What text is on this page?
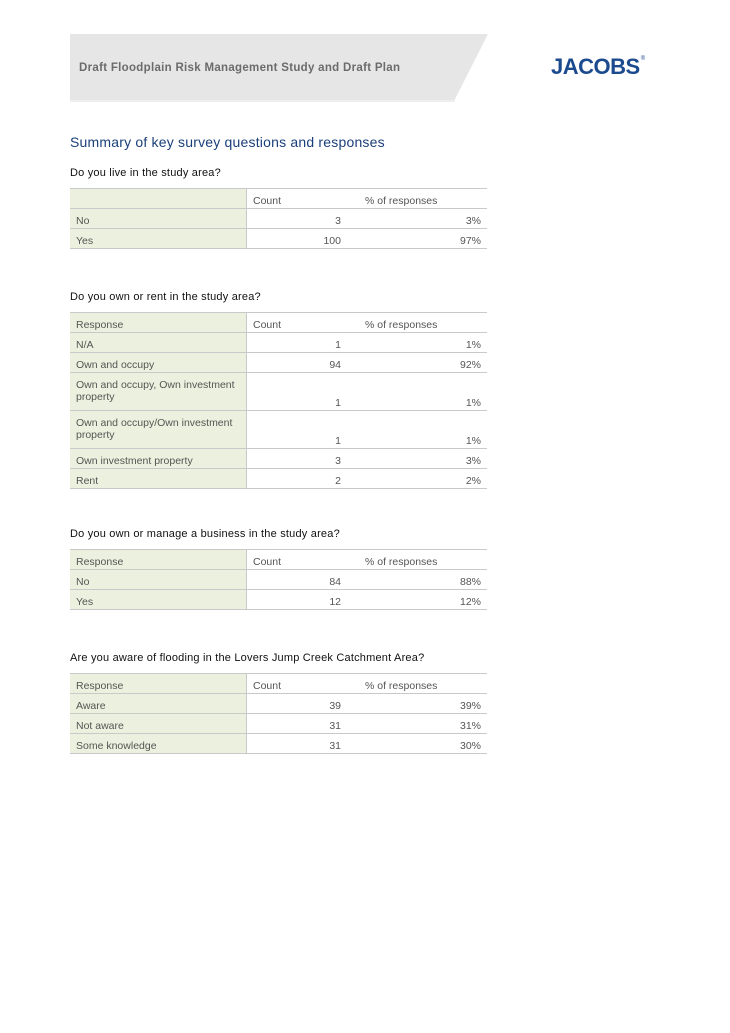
Draft Floodplain Risk Management Study and Draft Plan	JACOBS®
Summary of key survey questions and responses
Do you live in the study area?
	Count	% of responses
No	3	3%
Yes	100	97%
Do you own or rent in the study area?
Response	Count	% of responses
N/A	1	1%
Own and occupy	94	92%
Own and occupy, Own investment property	1	1%
Own and occupy/Own investment property	1	1%
Own investment property	3	3%
Rent	2	2%
Do you own or manage a business in the study area?
Response	Count	% of responses
No	84	88%
Yes	12	12%
Are you aware of flooding in the Lovers Jump Creek Catchment Area?
Response	Count	% of responses
Aware	39	39%
Not aware	31	31%
Some knowledge	31	30%
